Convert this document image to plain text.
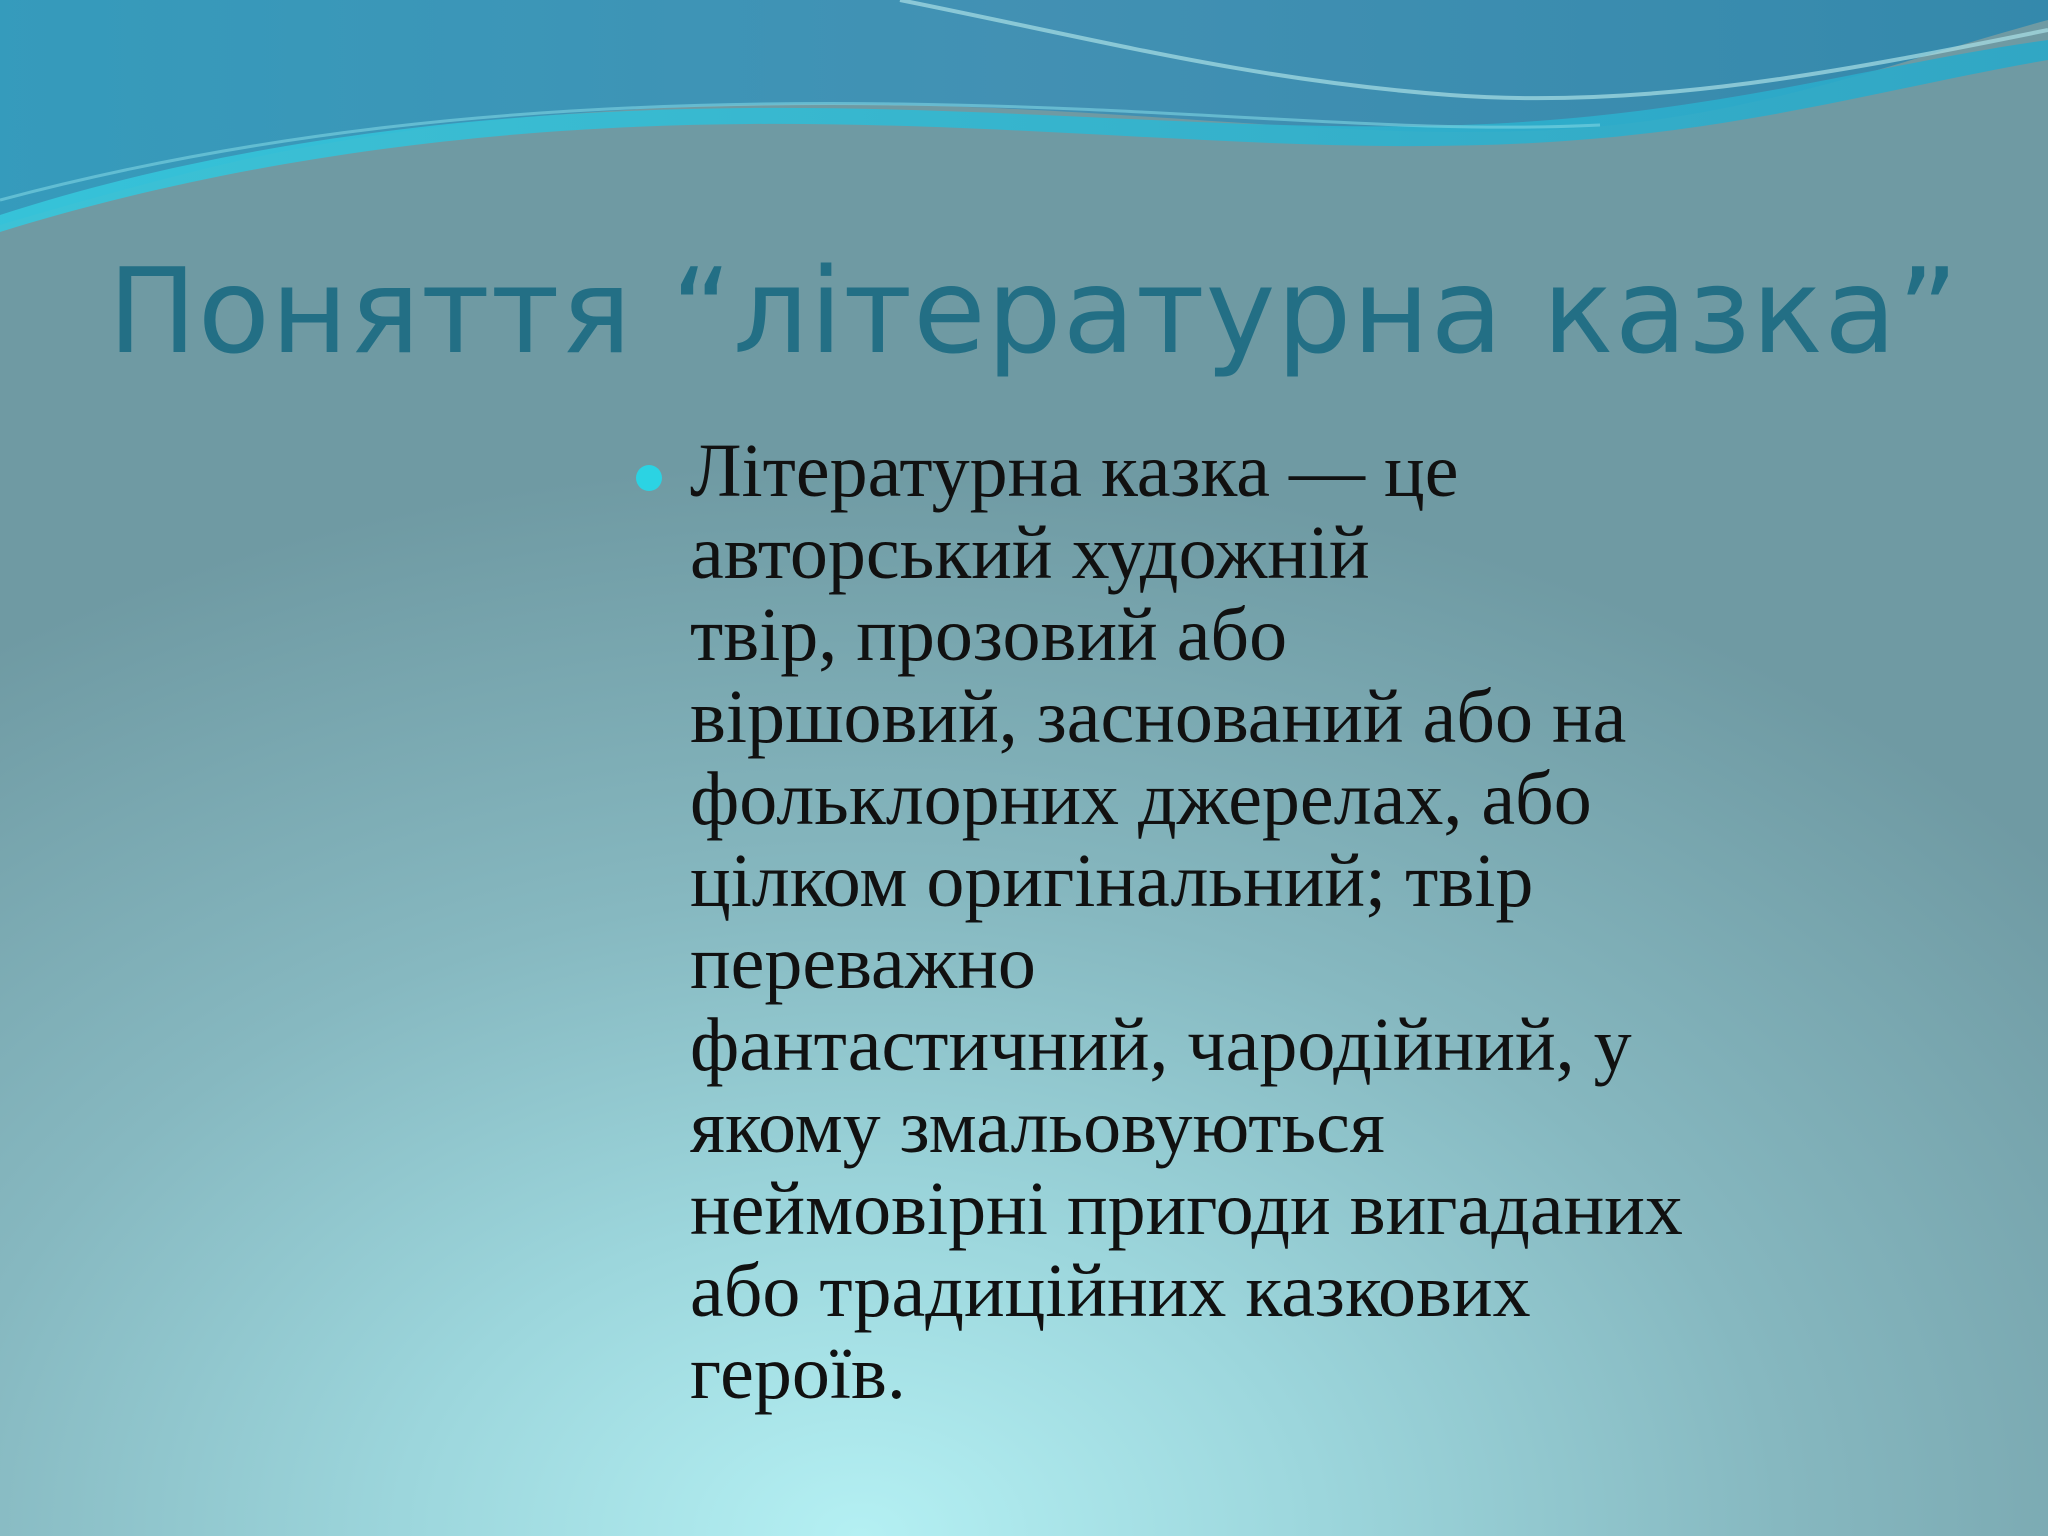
Поняття “літературна казка”
Літературна казка — це
авторський художній
твір, прозовий або
віршовий, заснований або на
фольклорних джерелах, або
цілком оригінальний; твір
переважно
фантастичний, чародійний, у
якому змальовуються
неймовірні пригоди вигаданих
або традиційних казкових
героїв.
